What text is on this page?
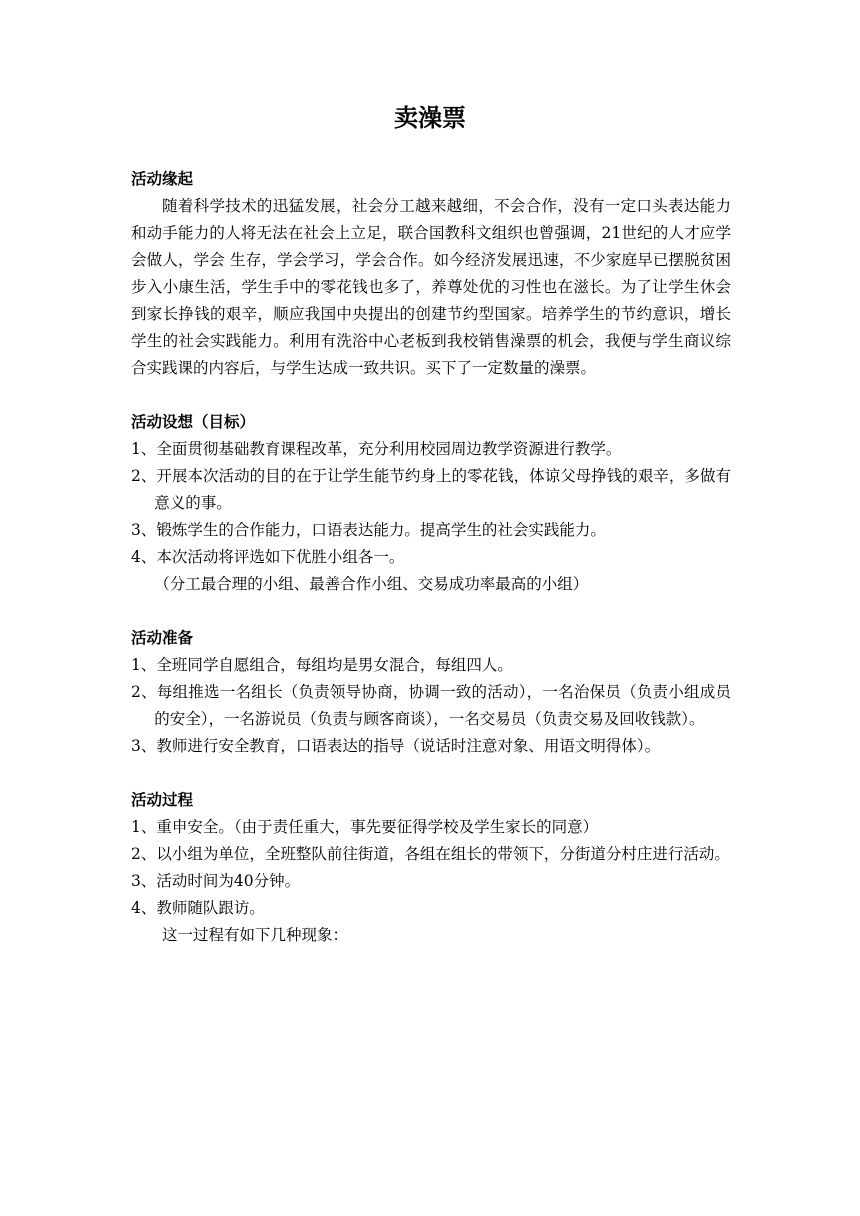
卖澡票

活动缘起

随着科学技术的迅猛发展，社会分工越来越细，不会合作，没有一定口头表达能力和动手能力的人将无法在社会上立足，联合国教科文组织也曾强调，21世纪的人才应学会做人，学会 生存，学会学习，学会合作。如今经济发展迅速，不少家庭早已摆脱贫困步入小康生活，学生手中的零花钱也多了，养尊处优的习性也在滋长。为了让学生休会到家长挣钱的艰辛，顺应我国中央提出的创建节约型国家。培养学生的节约意识，增长学生的社会实践能力。利用有洗浴中心老板到我校销售澡票的机会，我便与学生商议综合实践课的内容后，与学生达成一致共识。买下了一定数量的澡票。

活动设想（目标）

1、全面贯彻基础教育课程改革，充分利用校园周边教学资源进行教学。

2、开展本次活动的目的在于让学生能节约身上的零花钱，体谅父母挣钱的艰辛，多做有意义的事。

3、锻炼学生的合作能力，口语表达能力。提高学生的社会实践能力。

4、本次活动将评选如下优胜小组各一。

（分工最合理的小组、最善合作小组、交易成功率最高的小组）

活动准备

1、全班同学自愿组合，每组均是男女混合，每组四人。

2、每组推选一名组长（负责领导协商，协调一致的活动），一名治保员（负责小组成员的安全），一名游说员（负责与顾客商谈），一名交易员（负责交易及回收钱款）。

3、教师进行安全教育，口语表达的指导（说话时注意对象、用语文明得体）。

活动过程

1、重申安全。（由于责任重大，事先要征得学校及学生家长的同意）

2、以小组为单位，全班整队前往街道，各组在组长的带领下，分街道分村庄进行活动。

3、活动时间为40分钟。

4、教师随队跟访。

这一过程有如下几种现象：
